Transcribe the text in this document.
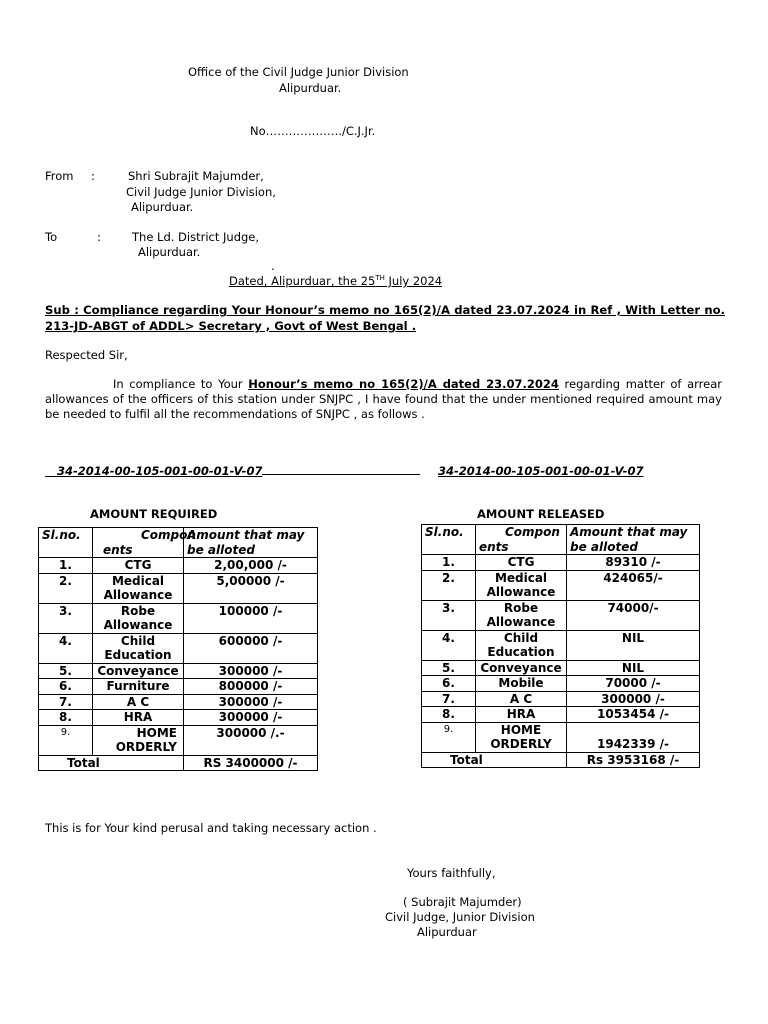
Office of the Civil Judge Junior Division
Alipurduar.
No………………../C.J.Jr.
From :	Shri Subrajit Majumder,
Civil Judge Junior Division,
Alipurduar.
To	:	The Ld. District Judge,
Alipurduar.
.
Dated, Alipurduar, the 25TH July 2024
Sub : Compliance regarding Your Honour’s memo no 165(2)/A dated 23.07.2024 in Ref , With Letter no. 213-JD-ABGT of ADDL> Secretary , Govt of West Bengal .
Respected Sir,
In compliance to Your Honour’s memo no 165(2)/A dated 23.07.2024 regarding matter of arrear allowances of the officers of this station under SNJPC , I have found that the under mentioned required amount may be needed to fulfil all the recommendations of SNJPC , as follows .
34-2014-00-105-001-00-01-V-07	34-2014-00-105-001-00-01-V-07
AMOUNT REQUIRED	AMOUNT RELEASED
Sl.no.	Compon ents	Amount that may be alloted
1.	CTG	2,00,000 /-
2.	Medical Allowance	5,00000 /-
3.	Robe Allowance	100000 /-
4.	Child Education	600000 /-
5.	Conveyance	300000 /-
6.	Furniture	800000 /-
7.	A C	300000 /-
8.	HRA	300000 /-
9.	HOME ORDERLY	300000 /.-
Total		RS 3400000 /-
Sl.no.	Compon ents	Amount that may be alloted
1.	CTG	89310 /-
2.	Medical Allowance	424065/-
3.	Robe Allowance	74000/-
4.	Child Education	NIL
5.	Conveyance	NIL
6.	Mobile	70000 /-
7.	A C	300000 /-
8.	HRA	1053454 /-
9.	HOME ORDERLY	1942339 /-
Total		Rs 3953168 /-
This is for Your kind perusal and taking necessary action .
Yours faithfully,
( Subrajit Majumder)
Civil Judge, Junior Division
Alipurduar
